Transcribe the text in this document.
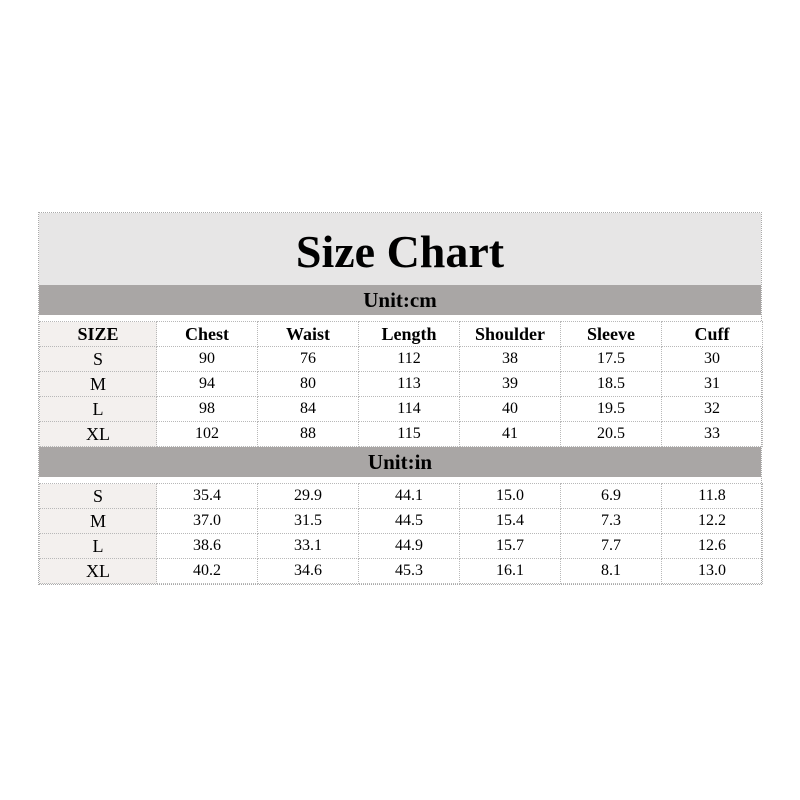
Size Chart
Unit:cm
SIZE	Chest	Waist	Length	Shoulder	Sleeve	Cuff
S	90	76	112	38	17.5	30
M	94	80	113	39	18.5	31
L	98	84	114	40	19.5	32
XL	102	88	115	41	20.5	33
Unit:in
S	35.4	29.9	44.1	15.0	6.9	11.8
M	37.0	31.5	44.5	15.4	7.3	12.2
L	38.6	33.1	44.9	15.7	7.7	12.6
XL	40.2	34.6	45.3	16.1	8.1	13.0
